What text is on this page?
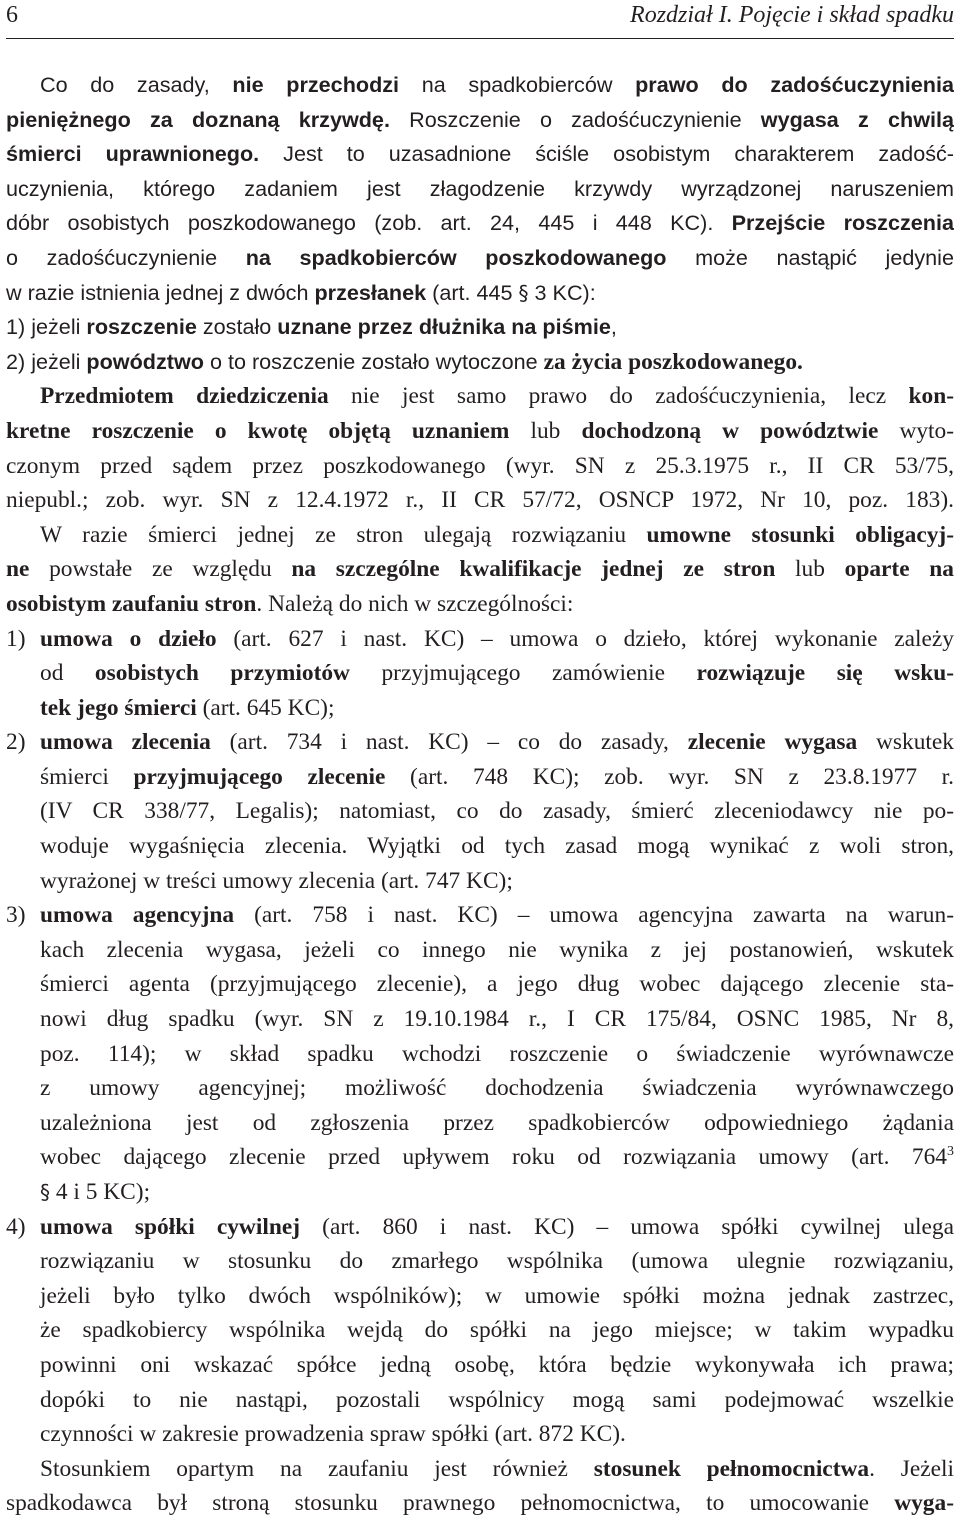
6	Rozdział I. Pojęcie i skład spadku
Co do zasady, nie przechodzi na spadkobierców prawo do zadośćuczynienia
pieniężnego za doznaną krzywdę. Roszczenie o zadośćuczynienie wygasa z chwilą
śmierci uprawnionego. Jest to uzasadnione ściśle osobistym charakterem zadość-
uczynienia, którego zadaniem jest złagodzenie krzywdy wyrządzonej naruszeniem
dóbr osobistych poszkodowanego (zob. art. 24, 445 i 448 KC). Przejście roszczenia
o zadośćuczynienie na spadkobierców poszkodowanego może nastąpić jedynie
w razie istnienia jednej z dwóch przesłanek (art. 445 § 3 KC):
1) jeżeli roszczenie zostało uznane przez dłużnika na piśmie,
2) jeżeli powództwo o to roszczenie zostało wytoczone za życia poszkodowanego.
Przedmiotem dziedziczenia nie jest samo prawo do zadośćuczynienia, lecz kon-
kretne roszczenie o kwotę objętą uznaniem lub dochodzoną w powództwie wyto-
czonym przed sądem przez poszkodowanego (wyr. SN z 25.3.1975 r., II CR 53/75,
niepubl.; zob. wyr. SN z 12.4.1972 r., II CR 57/72, OSNCP 1972, Nr 10, poz. 183).
W razie śmierci jednej ze stron ulegają rozwiązaniu umowne stosunki obligacyj-
ne powstałe ze względu na szczególne kwalifikacje jednej ze stron lub oparte na
osobistym zaufaniu stron. Należą do nich w szczególności:
1) umowa o dzieło (art. 627 i nast. KC) – umowa o dzieło, której wykonanie zależy
od osobistych przymiotów przyjmującego zamówienie rozwiązuje się wsku-
tek jego śmierci (art. 645 KC);
2) umowa zlecenia (art. 734 i nast. KC) – co do zasady, zlecenie wygasa wskutek
śmierci przyjmującego zlecenie (art. 748 KC); zob. wyr. SN z 23.8.1977 r.
(IV CR 338/77, Legalis); natomiast, co do zasady, śmierć zleceniodawcy nie po-
woduje wygaśnięcia zlecenia. Wyjątki od tych zasad mogą wynikać z woli stron,
wyrażonej w treści umowy zlecenia (art. 747 KC);
3) umowa agencyjna (art. 758 i nast. KC) – umowa agencyjna zawarta na warun-
kach zlecenia wygasa, jeżeli co innego nie wynika z jej postanowień, wskutek
śmierci agenta (przyjmującego zlecenie), a jego dług wobec dającego zlecenie sta-
nowi dług spadku (wyr. SN z 19.10.1984 r., I CR 175/84, OSNC 1985, Nr 8,
poz. 114); w skład spadku wchodzi roszczenie o świadczenie wyrównawcze
z umowy agencyjnej; możliwość dochodzenia świadczenia wyrównawczego
uzależniona jest od zgłoszenia przez spadkobierców odpowiedniego żądania
wobec dającego zlecenie przed upływem roku od rozwiązania umowy (art. $764^3$
§ 4 i 5 KC);
4) umowa spółki cywilnej (art. 860 i nast. KC) – umowa spółki cywilnej ulega
rozwiązaniu w stosunku do zmarłego wspólnika (umowa ulegnie rozwiązaniu,
jeżeli było tylko dwóch wspólników); w umowie spółki można jednak zastrzec,
że spadkobiercy wspólnika wejdą do spółki na jego miejsce; w takim wypadku
powinni oni wskazać spółce jedną osobę, która będzie wykonywała ich prawa;
dopóki to nie nastąpi, pozostali wspólnicy mogą sami podejmować wszelkie
czynności w zakresie prowadzenia spraw spółki (art. 872 KC).
Stosunkiem opartym na zaufaniu jest również stosunek pełnomocnictwa. Jeżeli
spadkodawca był stroną stosunku prawnego pełnomocnictwa, to umocowanie wyga-
